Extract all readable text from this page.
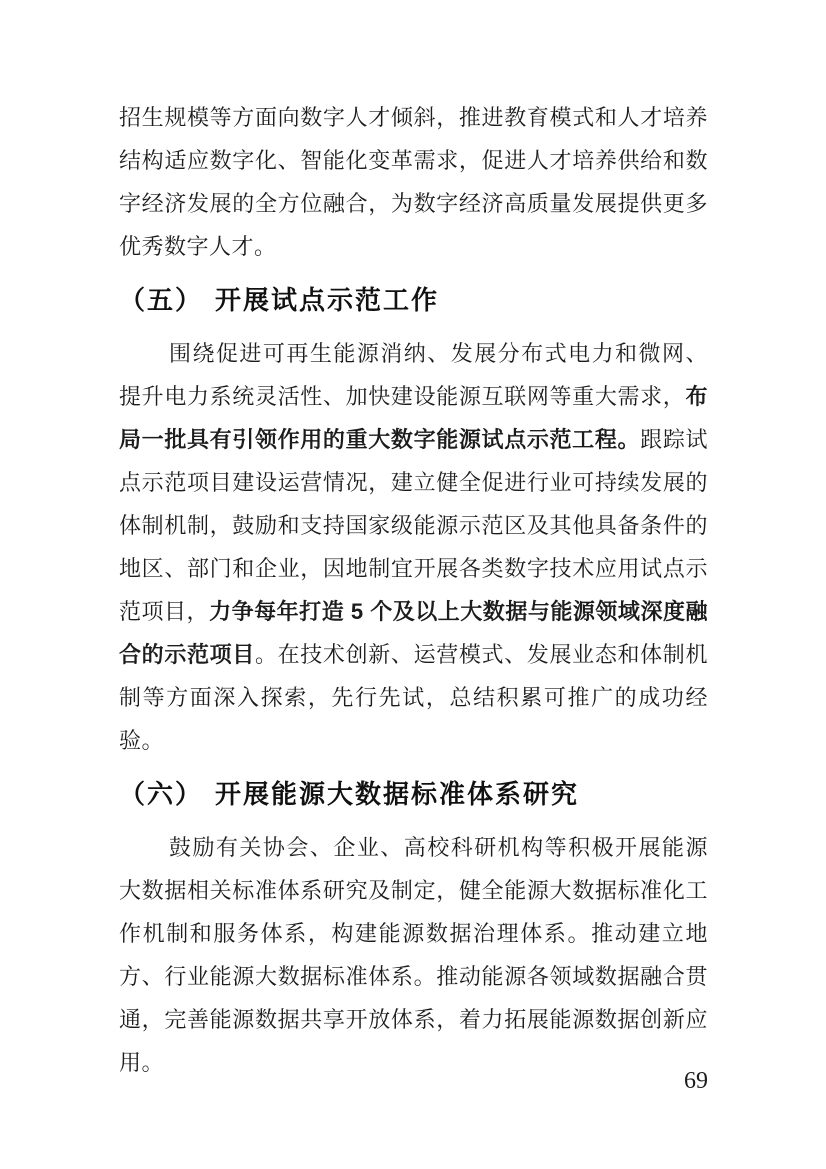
招生规模等方面向数字人才倾斜，推进教育模式和人才培养结构适应数字化、智能化变革需求，促进人才培养供给和数字经济发展的全方位融合，为数字经济高质量发展提供更多优秀数字人才。

（五） 开展试点示范工作

围绕促进可再生能源消纳、发展分布式电力和微网、提升电力系统灵活性、加快建设能源互联网等重大需求，布局一批具有引领作用的重大数字能源试点示范工程。跟踪试点示范项目建设运营情况，建立健全促进行业可持续发展的体制机制，鼓励和支持国家级能源示范区及其他具备条件的地区、部门和企业，因地制宜开展各类数字技术应用试点示范项目，力争每年打造 5 个及以上大数据与能源领域深度融合的示范项目。在技术创新、运营模式、发展业态和体制机制等方面深入探索，先行先试，总结积累可推广的成功经验。

（六） 开展能源大数据标准体系研究

鼓励有关协会、企业、高校科研机构等积极开展能源大数据相关标准体系研究及制定，健全能源大数据标准化工作机制和服务体系，构建能源数据治理体系。推动建立地方、行业能源大数据标准体系。推动能源各领域数据融合贯通，完善能源数据共享开放体系，着力拓展能源数据创新应用。

69
